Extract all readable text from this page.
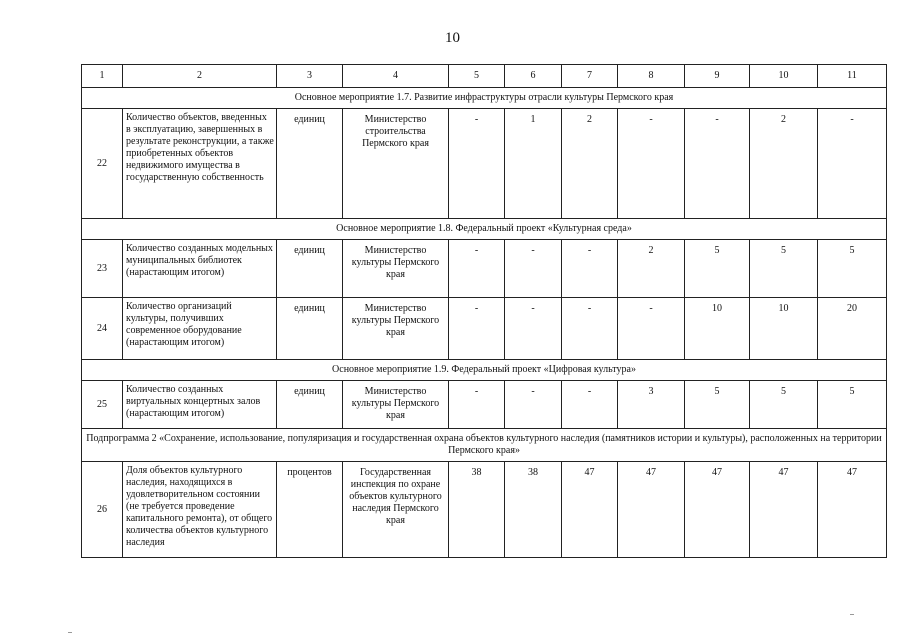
10
1	2	3	4	5	6	7	8	9	10	11
Основное мероприятие 1.7. Развитие инфраструктуры отрасли культуры Пермского края										
22	Количество объектов, введенных в эксплуатацию, завершенных в результате реконструкции, а также приобретенных объектов недвижимого имущества в государственную собственность	единиц	Министерство строительства Пермского края	-	1	2	-	-	2	-
Основное мероприятие 1.8. Федеральный проект «Культурная среда»										
23	Количество созданных модельных муниципальных библиотек (нарастающим итогом)	единиц	Министерство культуры Пермского края	-	-	-	2	5	5	5
24	Количество организаций культуры, получивших современное оборудование (нарастающим итогом)	единиц	Министерство культуры Пермского края	-	-	-	-	10	10	20
Основное мероприятие 1.9. Федеральный проект «Цифровая культура»										
25	Количество созданных виртуальных концертных залов (нарастающим итогом)	единиц	Министерство культуры Пермского края	-	-	-	3	5	5	5
Подпрограмма 2 «Сохранение, использование, популяризация и государственная охрана объектов культурного наследия (памятников истории и культуры), расположенных на территории Пермского края»										
26	Доля объектов культурного наследия, находящихся в удовлетворительном состоянии (не требуется проведение капитального ремонта), от общего количества объектов культурного наследия	процентов	Государственная инспекция по охране объектов культурного наследия Пермского края	38	38	47	47	47	47	47
